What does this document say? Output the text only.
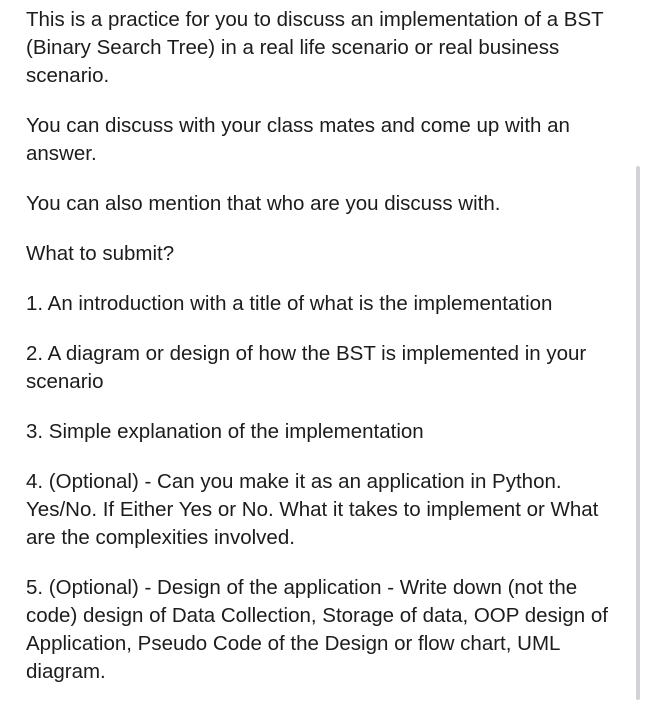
This is a practice for you to discuss an implementation of a BST (Binary Search Tree) in a real life scenario or real business scenario.

You can discuss with your class mates and come up with an answer.

You can also mention that who are you discuss with.

What to submit?

1. An introduction with a title of what is the implementation

2. A diagram or design of how the BST is implemented in your scenario

3. Simple explanation of the implementation

4. (Optional) - Can you make it as an application in Python. Yes/No. If Either Yes or No. What it takes to implement or What are the complexities involved.

5. (Optional) - Design of the application - Write down (not the code) design of Data Collection, Storage of data, OOP design of Application, Pseudo Code of the Design or flow chart, UML diagram.
